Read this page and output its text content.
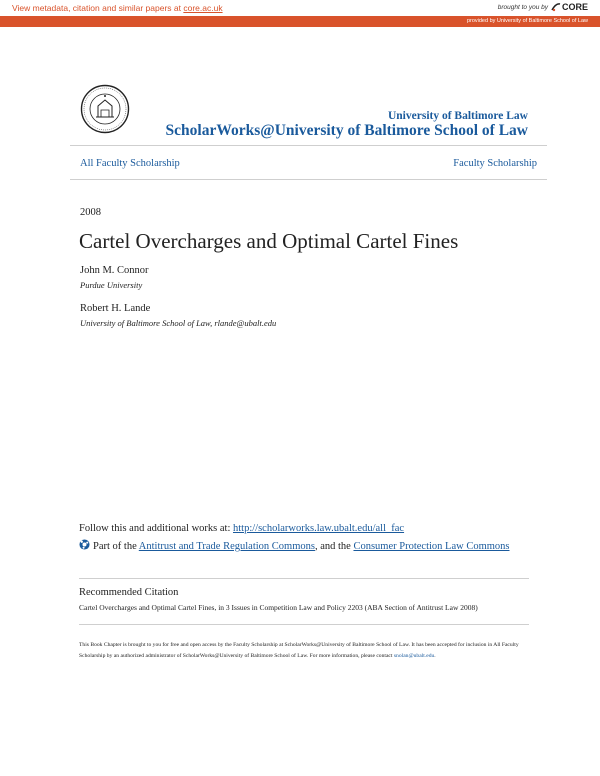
View metadata, citation and similar papers at core.ac.uk	brought to you by CORE
provided by University of Baltimore School of Law
University of Baltimore Law
ScholarWorks@University of Baltimore School of Law
All Faculty Scholarship	Faculty Scholarship
2008
Cartel Overcharges and Optimal Cartel Fines
John M. Connor
Purdue University
Robert H. Lande
University of Baltimore School of Law, rlande@ubalt.edu
Follow this and additional works at: http://scholarworks.law.ubalt.edu/all_fac
Part of the Antitrust and Trade Regulation Commons, and the Consumer Protection Law Commons
Recommended Citation
Cartel Overcharges and Optimal Cartel Fines, in 3 Issues in Competition Law and Policy 2203 (ABA Section of Antitrust Law 2008)
This Book Chapter is brought to you for free and open access by the Faculty Scholarship at ScholarWorks@University of Baltimore School of Law. It has been accepted for inclusion in All Faculty Scholarship by an authorized administrator of ScholarWorks@University of Baltimore School of Law. For more information, please contact snolan@ubalt.edu.
